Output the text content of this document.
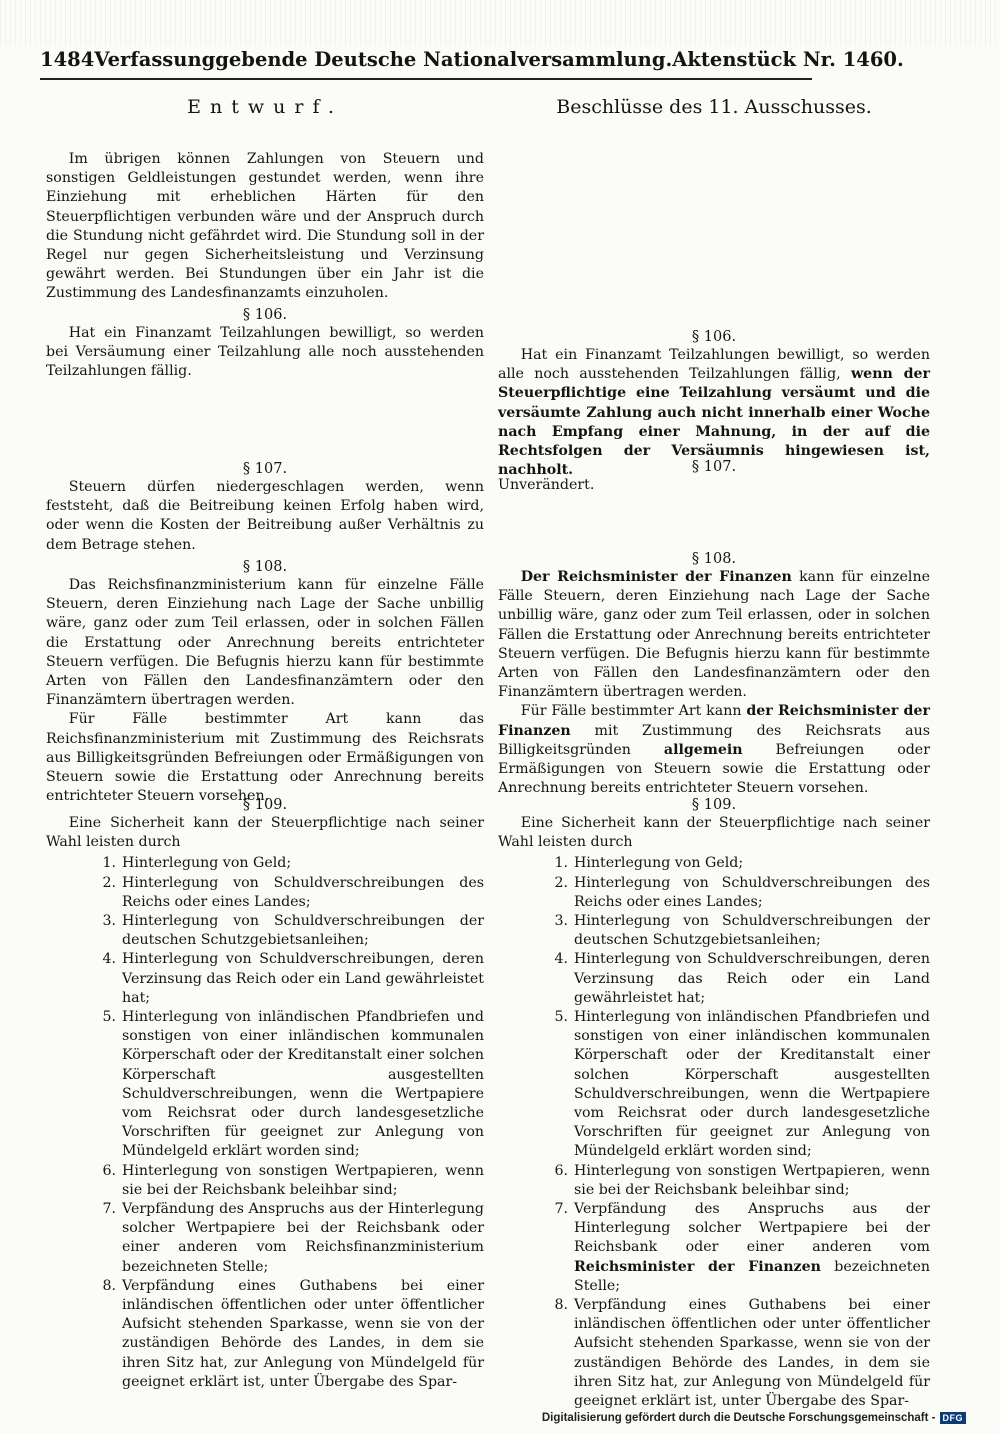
1484 Verfassunggebende Deutsche Nationalversammlung. Aktenstück Nr. 1460.
Entwurf.

Im übrigen können Zahlungen von Steuern und sonstigen Geldleistungen gestundet werden, wenn ihre Einziehung mit erheblichen Härten für den Steuerpflichtigen verbunden wäre und der Anspruch durch die Stundung nicht gefährdet wird. Die Stundung soll in der Regel nur gegen Sicherheitsleistung und Verzinsung gewährt werden. Bei Stundungen über ein Jahr ist die Zustimmung des Landesfinanzamts einzuholen.

§ 106.

Hat ein Finanzamt Teilzahlungen bewilligt, so werden bei Versäumung einer Teilzahlung alle noch ausstehenden Teilzahlungen fällig.

§ 107.

Steuern dürfen niedergeschlagen werden, wenn feststeht, daß die Beitreibung keinen Erfolg haben wird, oder wenn die Kosten der Beitreibung außer Verhältnis zu dem Betrage stehen.

§ 108.

Das Reichsfinanzministerium kann für einzelne Fälle Steuern, deren Einziehung nach Lage der Sache unbillig wäre, ganz oder zum Teil erlassen, oder in solchen Fällen die Erstattung oder Anrechnung bereits entrichteter Steuern verfügen. Die Befugnis hierzu kann für bestimmte Arten von Fällen den Landesfinanzämtern oder den Finanzämtern übertragen werden.

Für Fälle bestimmter Art kann das Reichsfinanzministerium mit Zustimmung des Reichsrats aus Billigkeitsgründen Befreiungen oder Ermäßigungen von Steuern sowie die Erstattung oder Anrechnung bereits entrichteter Steuern vorsehen.

§ 109.

Eine Sicherheit kann der Steuerpflichtige nach seiner Wahl leisten durch

1. Hinterlegung von Geld;
2. Hinterlegung von Schuldverschreibungen des Reichs oder eines Landes;
3. Hinterlegung von Schuldverschreibungen der deutschen Schutzgebietsanleihen;
4. Hinterlegung von Schuldverschreibungen, deren Verzinsung das Reich oder ein Land gewährleistet hat;
5. Hinterlegung von inländischen Pfandbriefen und sonstigen von einer inländischen kommunalen Körperschaft oder der Kreditanstalt einer solchen Körperschaft ausgestellten Schuldverschreibungen, wenn die Wertpapiere vom Reichsrat oder durch landesgesetzliche Vorschriften für geeignet zur Anlegung von Mündelgeld erklärt worden sind;
6. Hinterlegung von sonstigen Wertpapieren, wenn sie bei der Reichsbank beleihbar sind;
7. Verpfändung des Anspruchs aus der Hinterlegung solcher Wertpapiere bei der Reichsbank oder einer anderen vom Reichsfinanzministerium bezeichneten Stelle;
8. Verpfändung eines Guthabens bei einer inländischen öffentlichen oder unter öffentlicher Aufsicht stehenden Sparkasse, wenn sie von der zuständigen Behörde des Landes, in dem sie ihren Sitz hat, zur Anlegung von Mündelgeld für geeignet erklärt ist, unter Übergabe des Spar-
Beschlüsse des 11. Ausschusses.

§ 106.

Hat ein Finanzamt Teilzahlungen bewilligt, so werden alle noch ausstehenden Teilzahlungen fällig, wenn der Steuerpflichtige eine Teilzahlung versäumt und die versäumte Zahlung auch nicht innerhalb einer Woche nach Empfang einer Mahnung, in der auf die Rechtsfolgen der Versäumnis hingewiesen ist, nachholt.	§ 107.

Unverändert.

§ 108.

Der Reichsminister der Finanzen kann für einzelne Fälle Steuern, deren Einziehung nach Lage der Sache unbillig wäre, ganz oder zum Teil erlassen, oder in solchen Fällen die Erstattung oder Anrechnung bereits entrichteter Steuern verfügen. Die Befugnis hierzu kann für bestimmte Arten von Fällen den Landesfinanzämtern oder den Finanzämtern übertragen werden.

Für Fälle bestimmter Art kann der Reichsminister der Finanzen mit Zustimmung des Reichsrats aus Billigkeitsgründen allgemein Befreiungen oder Ermäßigungen von Steuern sowie die Erstattung oder Anrechnung bereits entrichteter Steuern vorsehen.

§ 109.

Eine Sicherheit kann der Steuerpflichtige nach seiner Wahl leisten durch

1. Hinterlegung von Geld;
2. Hinterlegung von Schuldverschreibungen des Reichs oder eines Landes;
3. Hinterlegung von Schuldverschreibungen der deutschen Schutzgebietsanleihen;
4. Hinterlegung von Schuldverschreibungen, deren Verzinsung das Reich oder ein Land gewährleistet hat;
5. Hinterlegung von inländischen Pfandbriefen und sonstigen von einer inländischen kommunalen Körperschaft oder der Kreditanstalt einer solchen Körperschaft ausgestellten Schuldverschreibungen, wenn die Wertpapiere vom Reichsrat oder durch landesgesetzliche Vorschriften für geeignet zur Anlegung von Mündelgeld erklärt worden sind;
6. Hinterlegung von sonstigen Wertpapieren, wenn sie bei der Reichsbank beleihbar sind;
7. Verpfändung des Anspruchs aus der Hinterlegung solcher Wertpapiere bei der Reichsbank oder einer anderen vom Reichsminister der Finanzen bezeichneten Stelle;
8. Verpfändung eines Guthabens bei einer inländischen öffentlichen oder unter öffentlicher Aufsicht stehenden Sparkasse, wenn sie von der zuständigen Behörde des Landes, in dem sie ihren Sitz hat, zur Anlegung von Mündelgeld für geeignet erklärt ist, unter Übergabe des Spar-
Digitalisierung gefördert durch die Deutsche Forschungsgemeinschaft - DFG
